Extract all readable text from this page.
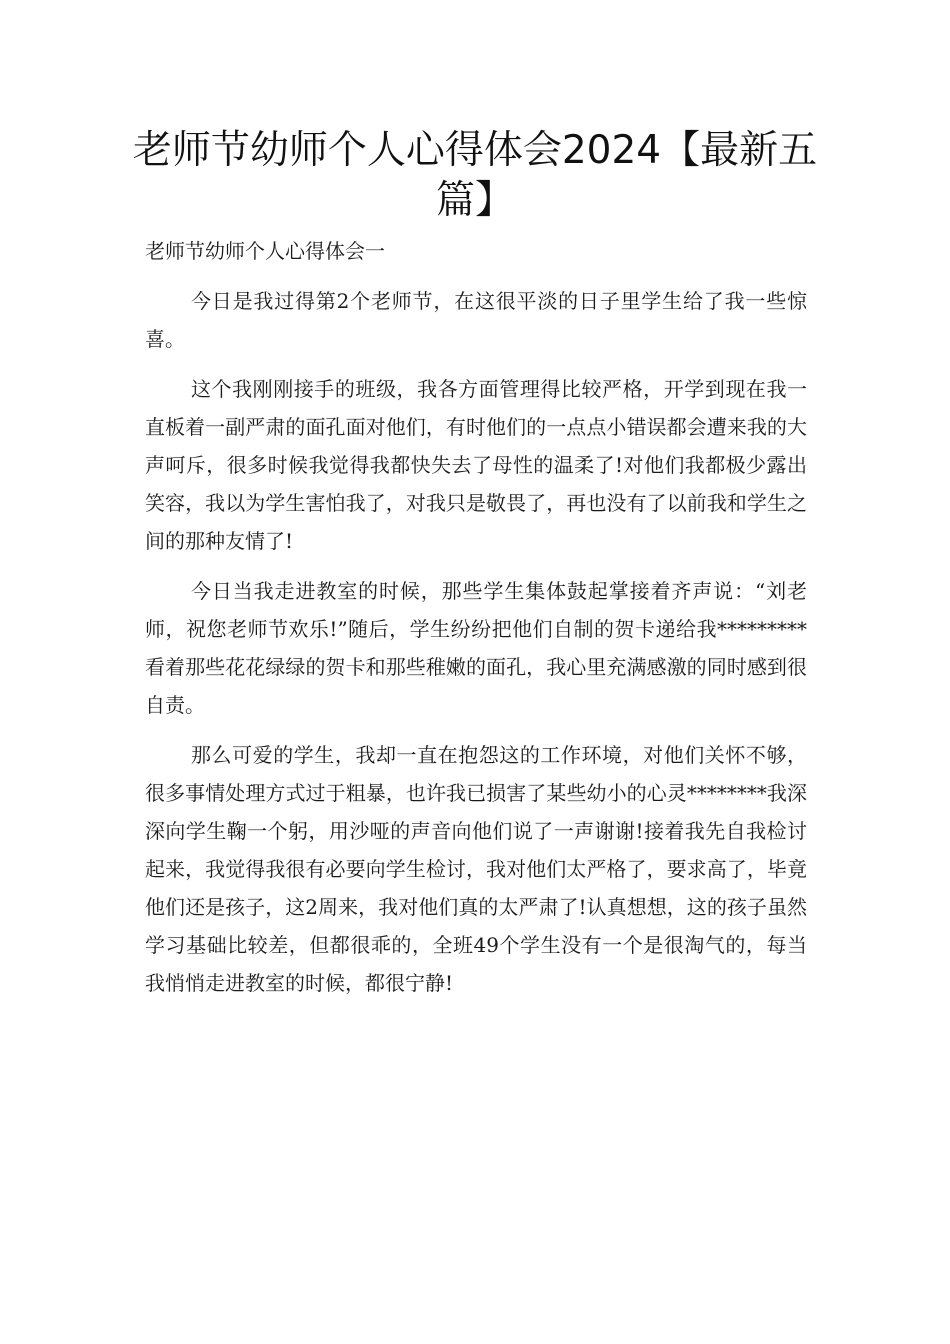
老师节幼师个人心得体会2024【最新五篇】

老师节幼师个人心得体会一

今日是我过得第2个老师节，在这很平淡的日子里学生给了我一些惊喜。

这个我刚刚接手的班级，我各方面管理得比较严格，开学到现在我一直板着一副严肃的面孔面对他们，有时他们的一点点小错误都会遭来我的大声呵斥，很多时候我觉得我都快失去了母性的温柔了!对他们我都极少露出笑容，我以为学生害怕我了，对我只是敬畏了，再也没有了以前我和学生之间的那种友情了!

今日当我走进教室的时候，那些学生集体鼓起掌接着齐声说：“刘老师，祝您老师节欢乐!”随后，学生纷纷把他们自制的贺卡递给我*********看着那些花花绿绿的贺卡和那些稚嫩的面孔，我心里充满感激的同时感到很自责。

那么可爱的学生，我却一直在抱怨这的工作环境，对他们关怀不够，很多事情处理方式过于粗暴，也许我已损害了某些幼小的心灵********我深深向学生鞠一个躬，用沙哑的声音向他们说了一声谢谢!接着我先自我检讨起来，我觉得我很有必要向学生检讨，我对他们太严格了，要求高了，毕竟他们还是孩子，这2周来，我对他们真的太严肃了!认真想想，这的孩子虽然学习基础比较差，但都很乖的，全班49个学生没有一个是很淘气的，每当我悄悄走进教室的时候，都很宁静!
